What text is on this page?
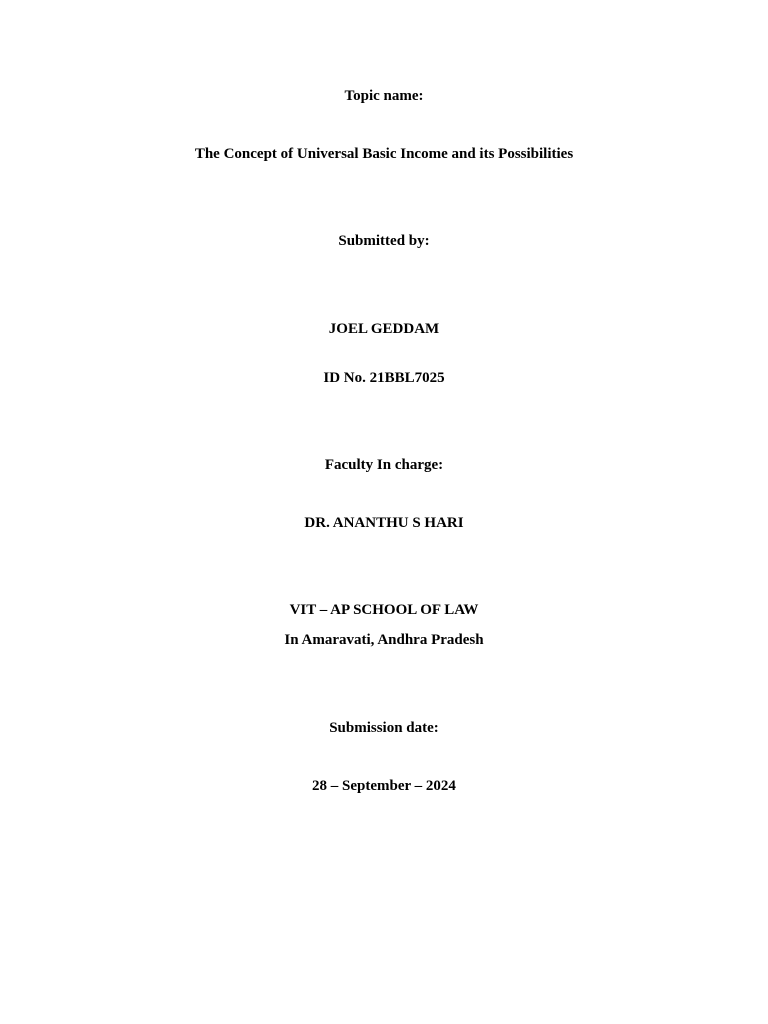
Topic name:
The Concept of Universal Basic Income and its Possibilities
Submitted by:
JOEL GEDDAM
ID No. 21BBL7025
Faculty In charge:
DR. ANANTHU S HARI
VIT – AP SCHOOL OF LAW
In Amaravati, Andhra Pradesh
Submission date:
28 – September – 2024
